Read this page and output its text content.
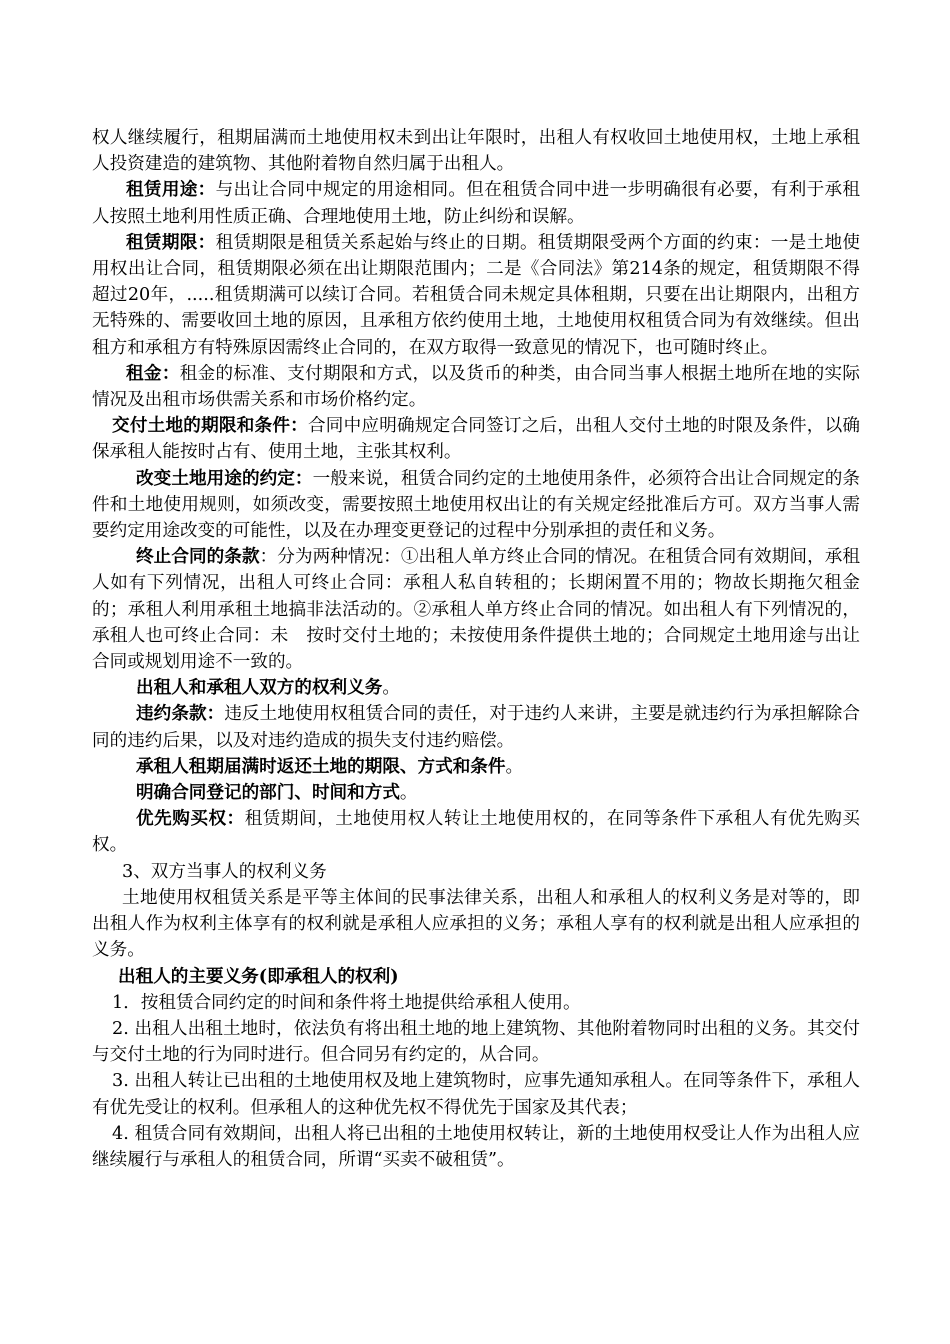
权人继续履行，租期届满而土地使用权未到出让年限时，出租人有权收回土地使用权，土地上承租人投资建造的建筑物、其他附着物自然归属于出租人。

租赁用途：与出让合同中规定的用途相同。但在租赁合同中进一步明确很有必要，有利于承租人按照土地利用性质正确、合理地使用土地，防止纠纷和误解。

租赁期限：租赁期限是租赁关系起始与终止的日期。租赁期限受两个方面的约束：一是土地使用权出让合同，租赁期限必须在出让期限范围内；二是《合同法》第214条的规定，租赁期限不得超过20年，.....租赁期满可以续订合同。若租赁合同未规定具体租期，只要在出让期限内，出租方无特殊的、需要收回土地的原因，且承租方依约使用土地，土地使用权租赁合同为有效继续。但出租方和承租方有特殊原因需终止合同的，在双方取得一致意见的情况下，也可随时终止。

租金：租金的标准、支付期限和方式，以及货币的种类，由合同当事人根据土地所在地的实际情况及出租市场供需关系和市场价格约定。

交付土地的期限和条件：合同中应明确规定合同签订之后，出租人交付土地的时限及条件，以确保承租人能按时占有、使用土地，主张其权利。

改变土地用途的约定：一般来说，租赁合同约定的土地使用条件，必须符合出让合同规定的条件和土地使用规则，如须改变，需要按照土地使用权出让的有关规定经批准后方可。双方当事人需要约定用途改变的可能性，以及在办理变更登记的过程中分别承担的责任和义务。

终止合同的条款：分为两种情况：①出租人单方终止合同的情况。在租赁合同有效期间，承租人如有下列情况，出租人可终止合同：承租人私自转租的；长期闲置不用的；物故长期拖欠租金的；承租人利用承租土地搞非法活动的。②承租人单方终止合同的情况。如出租人有下列情况的，承租人也可终止合同：未　按时交付土地的；未按使用条件提供土地的；合同规定土地用途与出让合同或规划用途不一致的。

出租人和承租人双方的权利义务。

违约条款：违反土地使用权租赁合同的责任，对于违约人来讲，主要是就违约行为承担解除合同的违约后果，以及对违约造成的损失支付违约赔偿。

承租人租期届满时返还土地的期限、方式和条件。

明确合同登记的部门、时间和方式。

优先购买权：租赁期间，土地使用权人转让土地使用权的，在同等条件下承租人有优先购买权。

3、双方当事人的权利义务

土地使用权租赁关系是平等主体间的民事法律关系，出租人和承租人的权利义务是对等的，即出租人作为权利主体享有的权利就是承租人应承担的义务；承租人享有的权利就是出租人应承担的义务。

出租人的主要义务(即承租人的权利)

1．按租赁合同约定的时间和条件将土地提供给承租人使用。

2. 出租人出租土地时，依法负有将出租土地的地上建筑物、其他附着物同时出租的义务。其交付与交付土地的行为同时进行。但合同另有约定的，从合同。

3. 出租人转让已出租的土地使用权及地上建筑物时，应事先通知承租人。在同等条件下，承租人有优先受让的权利。但承租人的这种优先权不得优先于国家及其代表；

4. 租赁合同有效期间，出租人将已出租的土地使用权转让，新的土地使用权受让人作为出租人应继续履行与承租人的租赁合同，所谓“买卖不破租赁”。
